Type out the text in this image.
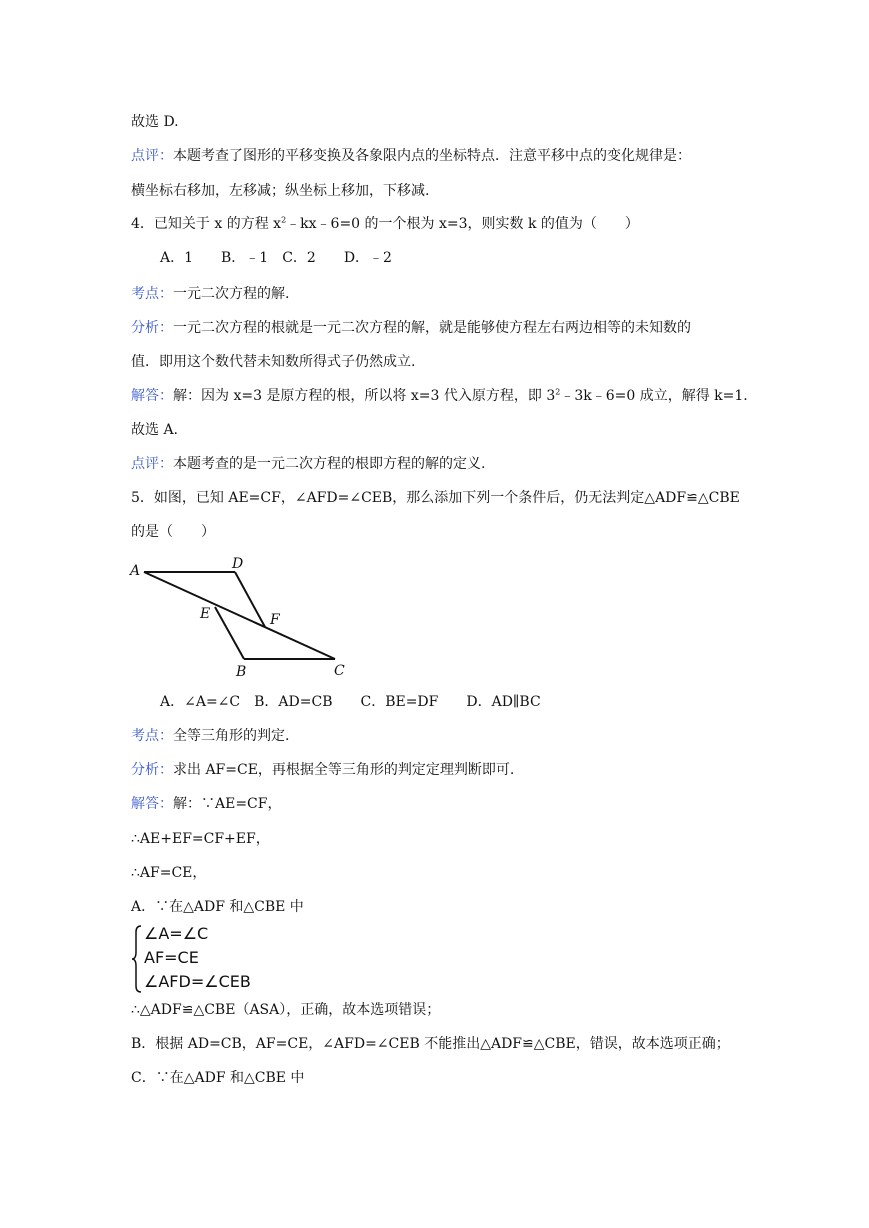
故选 D.
点评：本题考查了图形的平移变换及各象限内点的坐标特点．注意平移中点的变化规律是：
横坐标右移加，左移减；纵坐标上移加，下移减.
4．已知关于 x 的方程 $x^2﹣kx﹣6=0$ 的一个根为 x=3，则实数 k 的值为（　　）
A．1　　B．﹣1　C．2　　D．﹣2
考点：一元二次方程的解.
分析：一元二次方程的根就是一元二次方程的解，就是能够使方程左右两边相等的未知数的
值．即用这个数代替未知数所得式子仍然成立.
解答：解：因为 x=3 是原方程的根，所以将 x=3 代入原方程，即 $3^2﹣3k﹣6=0$ 成立，解得 k=1.
故选 A.
点评：本题考查的是一元二次方程的根即方程的解的定义.
5．如图，已知 AE=CF，∠AFD=∠CEB，那么添加下列一个条件后，仍无法判定△ADF≌△CBE
的是（　　）
A	D
E	F
B	C
A．∠A=∠C　B．AD=CB　　C．BE=DF　　D．AD∥BC
考点：全等三角形的判定.
分析：求出 AF=CE，再根据全等三角形的判定定理判断即可.
解答：解：∵AE=CF，
∴AE+EF=CF+EF，
∴AF=CE，
A．∵在△ADF 和△CBE 中
∠A=∠C
AF=CE
∠AFD=∠CEB
∴△ADF≌△CBE（ASA），正确，故本选项错误；
B．根据 AD=CB，AF=CE，∠AFD=∠CEB 不能推出△ADF≌△CBE，错误，故本选项正确；
C．∵在△ADF 和△CBE 中
